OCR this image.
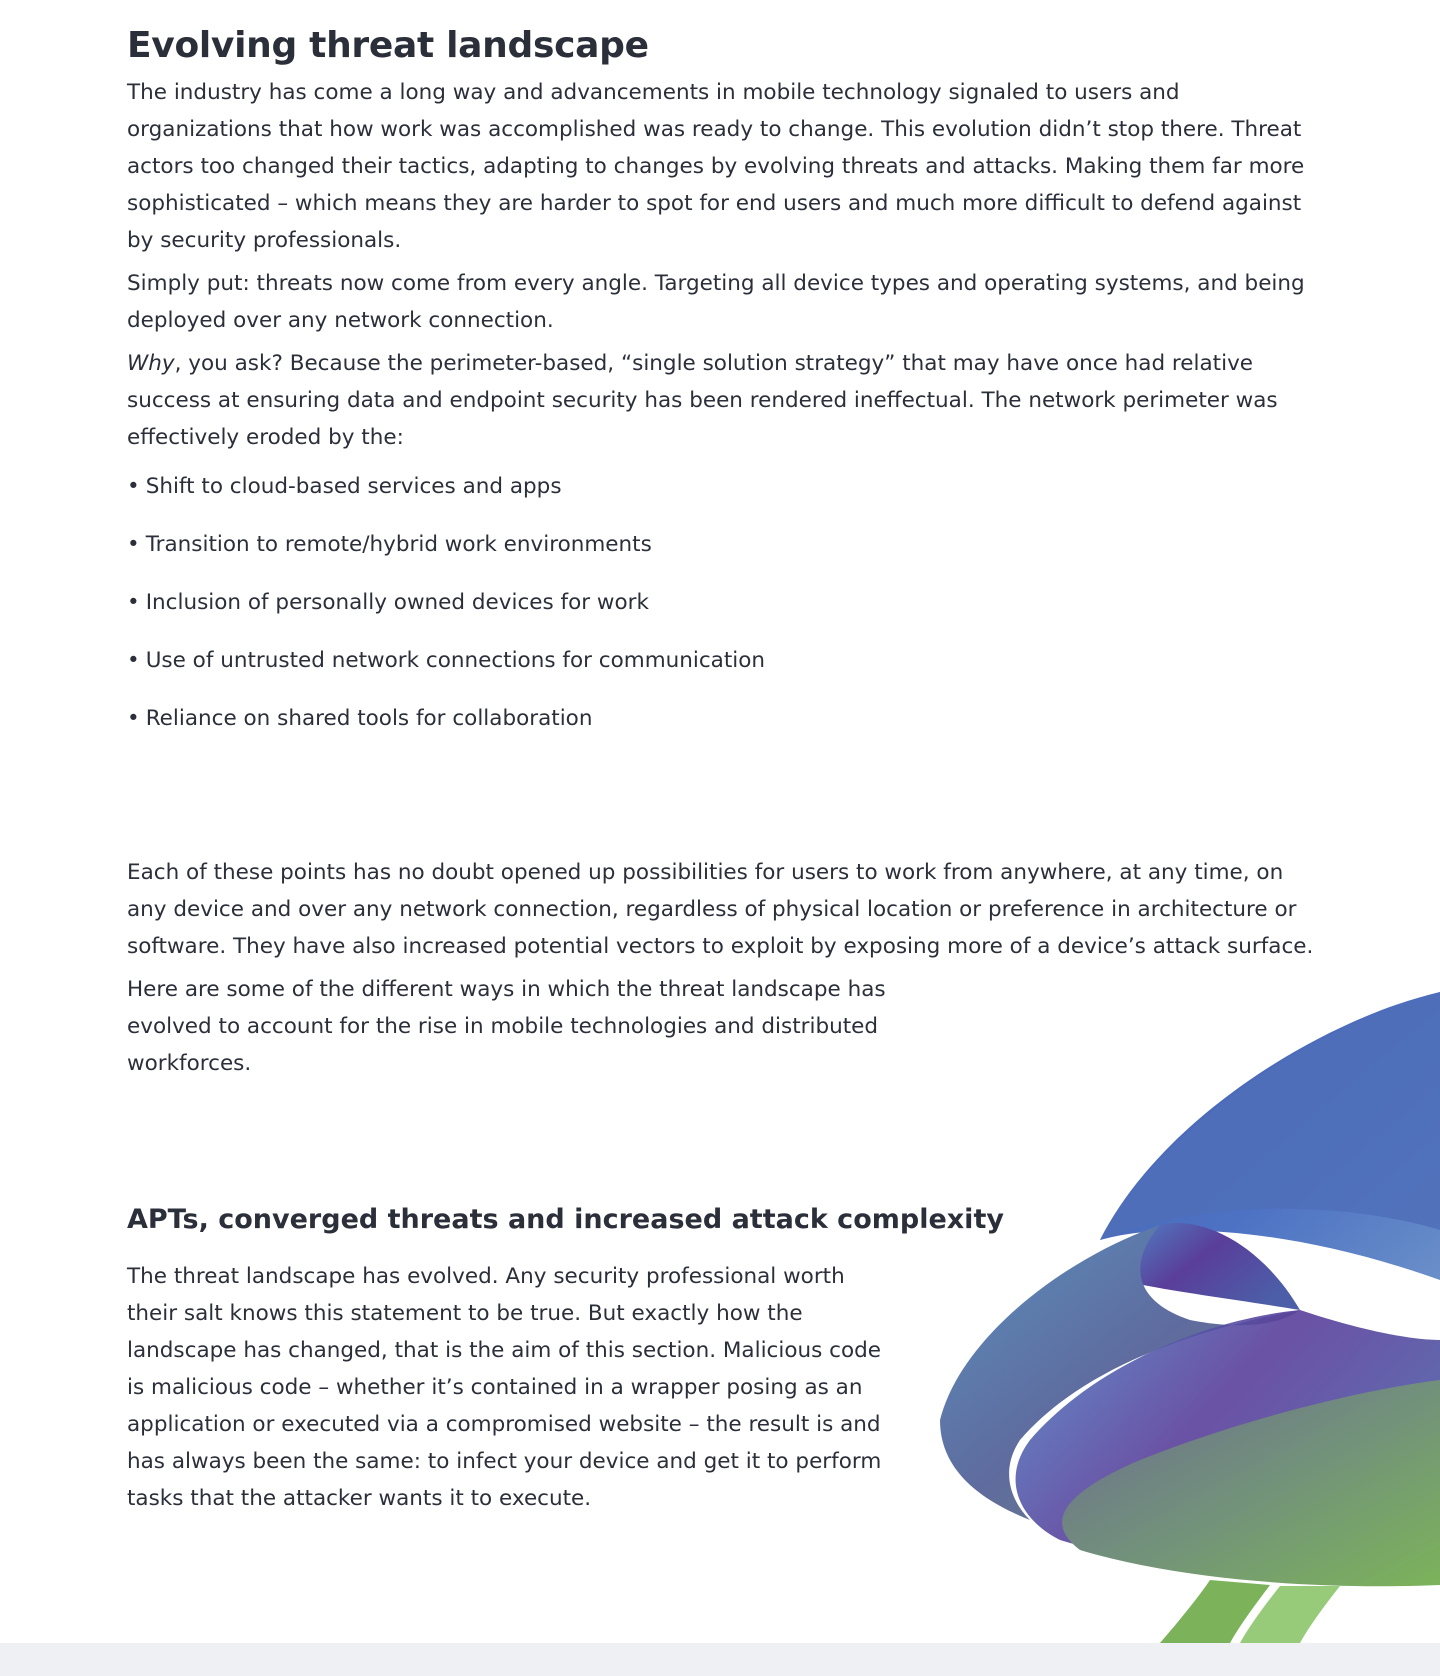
Evolving threat landscape

The industry has come a long way and advancements in mobile technology signaled to users and organizations that how work was accomplished was ready to change. This evolution didn’t stop there. Threat actors too changed their tactics, adapting to changes by evolving threats and attacks. Making them far more sophisticated – which means they are harder to spot for end users and much more difficult to defend against by security professionals.

Simply put: threats now come from every angle. Targeting all device types and operating systems, and being deployed over any network connection.

Why, you ask? Because the perimeter-based, “single solution strategy” that may have once had relative success at ensuring data and endpoint security has been rendered ineffectual. The network perimeter was effectively eroded by the:

• Shift to cloud-based services and apps
• Transition to remote/hybrid work environments
• Inclusion of personally owned devices for work
• Use of untrusted network connections for communication
• Reliance on shared tools for collaboration

Each of these points has no doubt opened up possibilities for users to work from anywhere, at any time, on any device and over any network connection, regardless of physical location or preference in architecture or software. They have also increased potential vectors to exploit by exposing more of a device’s attack surface.

Here are some of the different ways in which the threat landscape has evolved to account for the rise in mobile technologies and distributed workforces.

APTs, converged threats and increased attack complexity

The threat landscape has evolved. Any security professional worth their salt knows this statement to be true. But exactly how the landscape has changed, that is the aim of this section. Malicious code is malicious code – whether it’s contained in a wrapper posing as an application or executed via a compromised website – the result is and has always been the same: to infect your device and get it to perform tasks that the attacker wants it to execute.
